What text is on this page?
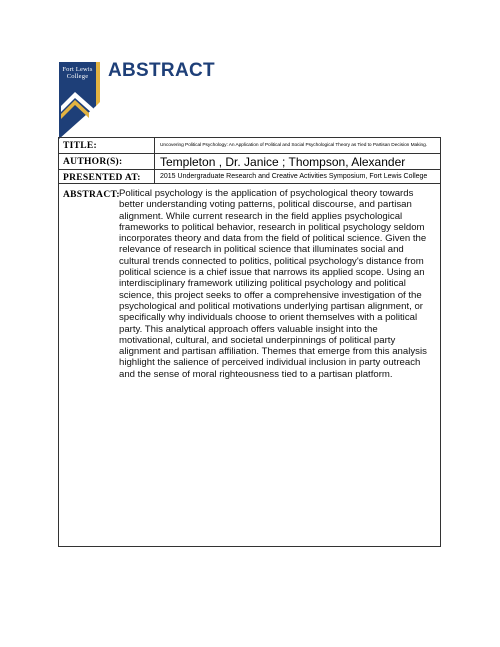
Fort Lewis
College	ABSTRACT
TITLE:	Uncovering Political Psychology: An Application of Political and Social Psychological Theory as Tied to Partisan Decision Making.
AUTHOR(S):	Templeton , Dr. Janice ; Thompson, Alexander
PRESENTED AT:	2015 Undergraduate Research and Creative Activities Symposium, Fort Lewis College
ABSTRACT: Political psychology is the application of psychological theory towards
better understanding voting patterns, political discourse, and partisan
alignment. While current research in the field applies psychological
frameworks to political behavior, research in political psychology seldom
incorporates theory and data from the field of political science. Given the
relevance of research in political science that illuminates social and
cultural trends connected to politics, political psychology's distance from
political science is a chief issue that narrows its applied scope. Using an
interdisciplinary framework utilizing political psychology and political
science, this project seeks to offer a comprehensive investigation of the
psychological and political motivations underlying partisan alignment, or
specifically why individuals choose to orient themselves with a political
party. This analytical approach offers valuable insight into the
motivational, cultural, and societal underpinnings of political party
alignment and partisan affiliation. Themes that emerge from this analysis
highlight the salience of perceived individual inclusion in party outreach
and the sense of moral righteousness tied to a partisan platform.
